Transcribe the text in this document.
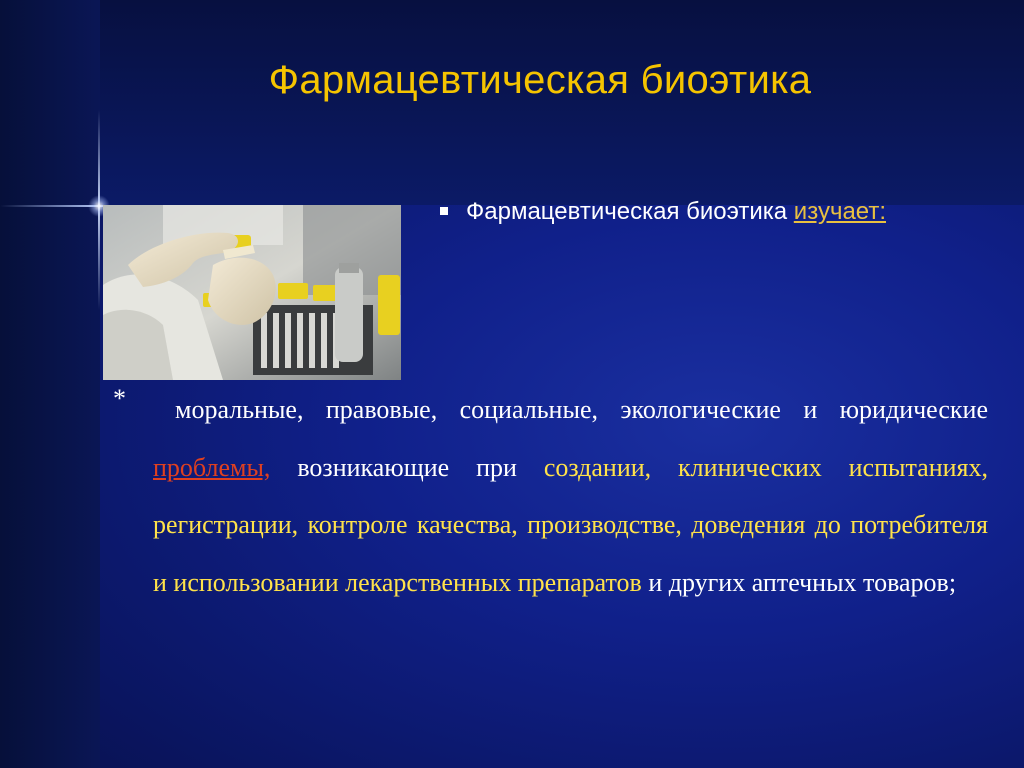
Фармацевтическая биоэтика
Фармацевтическая биоэтика изучает:
*	моральные, правовые, социальные, экологические и юридические проблемы, возникающие при создании, клинических испытаниях, регистрации, контроле качества, производстве, доведения до потребителя и использовании лекарственных препаратов и других аптечных товаров;
